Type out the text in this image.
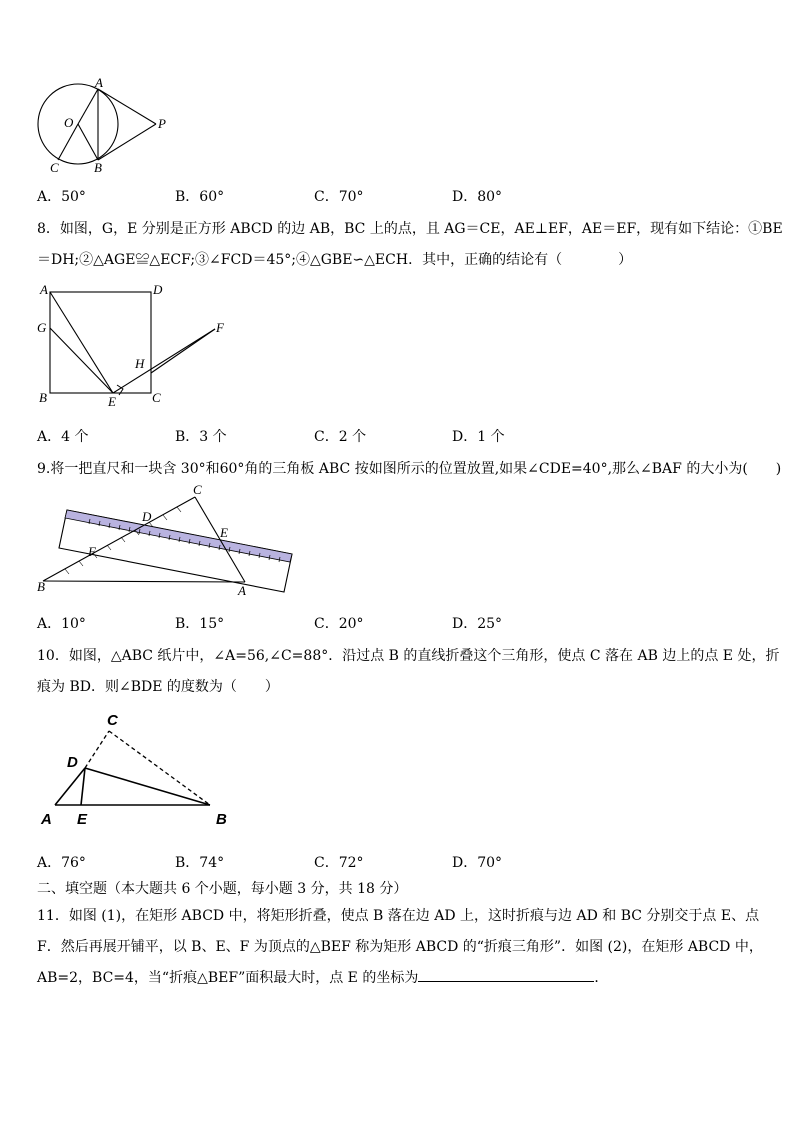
A
O	P
C	B
A．50°	B．60°	C．70°	D．80°
8．如图，G，E 分别是正方形 ABCD 的边 AB，BC 上的点，且 AG＝CE，AE⊥EF，AE＝EF，现有如下结论：①BE
＝DH;②△AGE≌△ECF;③∠FCD＝45°;④△GBE∽△ECH．其中，正确的结论有（　　　　）
A	D
G	F
H
B	E	C
A．4 个	B．3 个	C．2 个	D．1 个
9.将一把直尺和一块含 30°和60°角的三角板 ABC 按如图所示的位置放置,如果∠CDE=40°,那么∠BAF 的大小为(　　)
C
D
E
F
B	A
A．10°	B．15°	C．20°	D．25°
10．如图，△ABC 纸片中，∠A=56,∠C=88°．沿过点 B 的直线折叠这个三角形，使点 C 落在 AB 边上的点 E 处，折
痕为 BD．则∠BDE 的度数为（　　）
C
D
A E	B
A．76°	B．74°	C．72°	D．70°
二、填空题（本大题共 6 个小题，每小题 3 分，共 18 分）
11．如图 (1)，在矩形 ABCD 中，将矩形折叠，使点 B 落在边 AD 上，这时折痕与边 AD 和 BC 分别交于点 E、点
F．然后再展开铺平，以 B、E、F 为顶点的△BEF 称为矩形 ABCD 的“折痕三角形”．如图 (2)，在矩形 ABCD 中，
AB=2，BC=4，当“折痕△BEF”面积最大时，点 E 的坐标为	．
